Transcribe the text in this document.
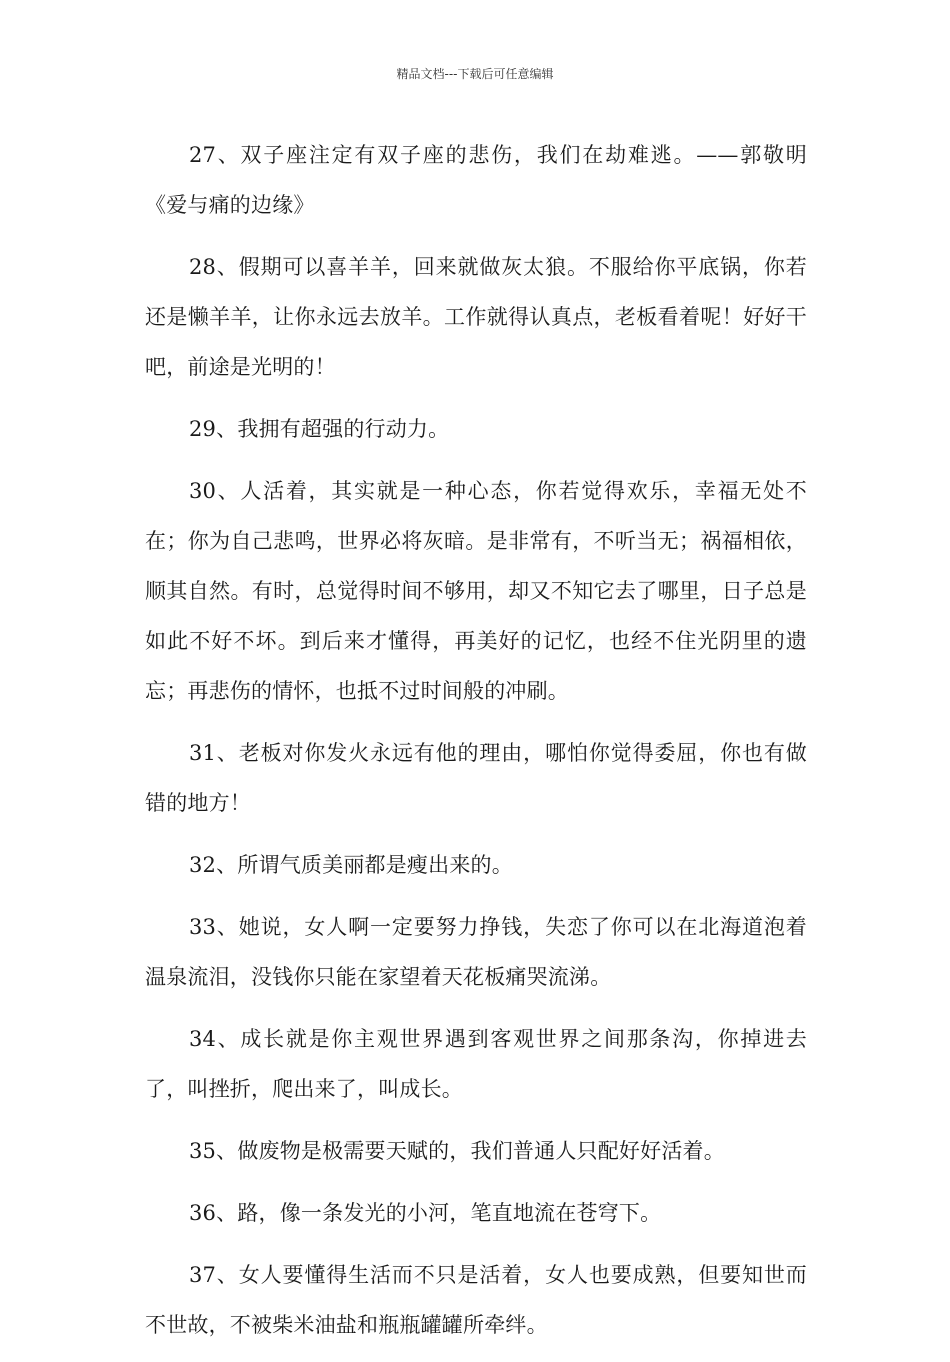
精品文档---下载后可任意编辑

27、双子座注定有双子座的悲伤，我们在劫难逃。——郭敬明《爱与痛的边缘》

28、假期可以喜羊羊，回来就做灰太狼。不服给你平底锅，你若还是懒羊羊，让你永远去放羊。工作就得认真点，老板看着呢！好好干吧，前途是光明的！

29、我拥有超强的行动力。

30、人活着，其实就是一种心态，你若觉得欢乐，幸福无处不在；你为自己悲鸣，世界必将灰暗。是非常有，不听当无；祸福相依，顺其自然。有时，总觉得时间不够用，却又不知它去了哪里，日子总是如此不好不坏。到后来才懂得，再美好的记忆，也经不住光阴里的遗忘；再悲伤的情怀，也抵不过时间般的冲刷。

31、老板对你发火永远有他的理由，哪怕你觉得委屈，你也有做错的地方！

32、所谓气质美丽都是瘦出来的。

33、她说，女人啊一定要努力挣钱，失恋了你可以在北海道泡着温泉流泪，没钱你只能在家望着天花板痛哭流涕。

34、成长就是你主观世界遇到客观世界之间那条沟，你掉进去了，叫挫折，爬出来了，叫成长。

35、做废物是极需要天赋的，我们普通人只配好好活着。

36、路，像一条发光的小河，笔直地流在苍穹下。

37、女人要懂得生活而不只是活着，女人也要成熟，但要知世而不世故，不被柴米油盐和瓶瓶罐罐所牵绊。
